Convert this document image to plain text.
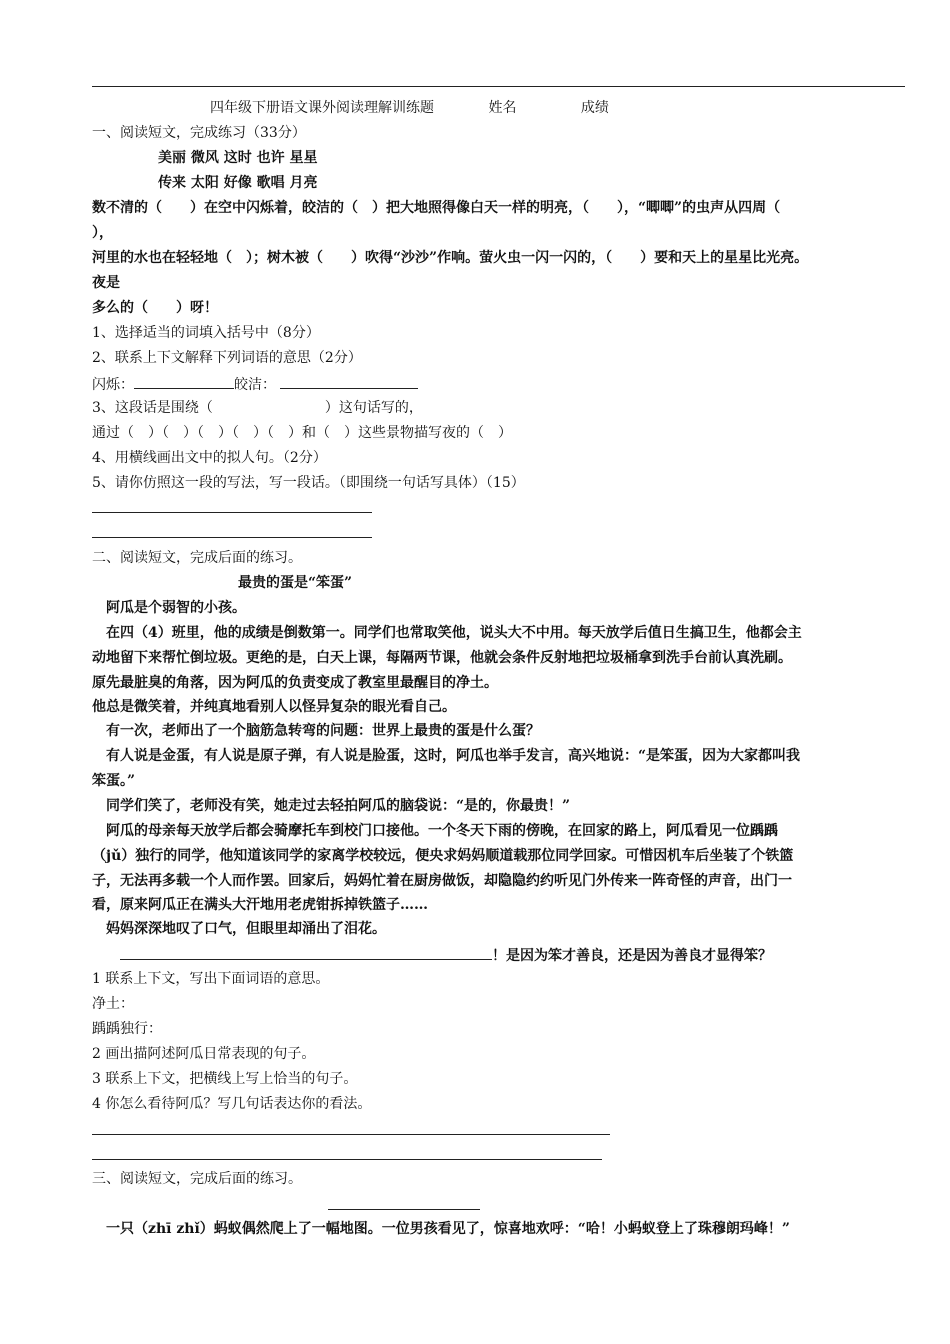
四年级下册语文课外阅读理解训练题	姓名	成绩
一、阅读短文，完成练习（33分）
美丽 微风 这时 也许 星星
传来 太阳 好像 歌唱 月亮
数不清的（　　）在空中闪烁着，皎洁的（　）把大地照得像白天一样的明亮，（　　），“唧唧”的虫声从四周（
），
河里的水也在轻轻地（　）；树木被（　　）吹得“沙沙”作响。萤火虫一闪一闪的，（　　）要和天上的星星比光亮。
夜是
多么的（　　）呀！
1、选择适当的词填入括号中（8分）
2、联系上下文解释下列词语的意思（2分）
闪烁：	皎洁：
3、这段话是围绕（	）这句话写的，
通过（　）（　）（　）（　）（　）和（　）这些景物描写夜的（　）
4、用横线画出文中的拟人句。（2分）
5、请你仿照这一段的写法，写一段话。（即围绕一句话写具体）（15）
二、阅读短文，完成后面的练习。
最贵的蛋是“笨蛋”
　阿瓜是个弱智的小孩。
　在四（4）班里，他的成绩是倒数第一。同学们也常取笑他，说头大不中用。每天放学后值日生搞卫生，他都会主
动地留下来帮忙倒垃圾。更绝的是，白天上课，每隔两节课，他就会条件反射地把垃圾桶拿到洗手台前认真洗刷。
原先最脏臭的角落，因为阿瓜的负责变成了教室里最醒目的净土。
他总是微笑着，并纯真地看别人以怪异复杂的眼光看自己。
　有一次，老师出了一个脑筋急转弯的问题：世界上最贵的蛋是什么蛋？
　有人说是金蛋，有人说是原子弹，有人说是脸蛋，这时，阿瓜也举手发言，高兴地说：“是笨蛋，因为大家都叫我
笨蛋。”
　同学们笑了，老师没有笑，她走过去轻拍阿瓜的脑袋说：“是的，你最贵！”
　阿瓜的母亲每天放学后都会骑摩托车到校门口接他。一个冬天下雨的傍晚，在回家的路上，阿瓜看见一位踽踽
（jǔ）独行的同学，他知道该同学的家离学校较远，便央求妈妈顺道载那位同学回家。可惜因机车后坐装了个铁篮
子，无法再多载一个人而作罢。回家后，妈妈忙着在厨房做饭，却隐隐约约听见门外传来一阵奇怪的声音，出门一
看，原来阿瓜正在满头大汗地用老虎钳拆掉铁篮子……
　妈妈深深地叹了口气，但眼里却涌出了泪花。
！是因为笨才善良，还是因为善良才显得笨？
1 联系上下文，写出下面词语的意思。
净土：
踽踽独行：
2 画出描阿述阿瓜日常表现的句子。
3 联系上下文，把横线上写上恰当的句子。
4 你怎么看待阿瓜？写几句话表达你的看法。
三、阅读短文，完成后面的练习。
　一只（zhī zhǐ）蚂蚁偶然爬上了一幅地图。一位男孩看见了，惊喜地欢呼：“哈！小蚂蚁登上了珠穆朗玛峰！”
